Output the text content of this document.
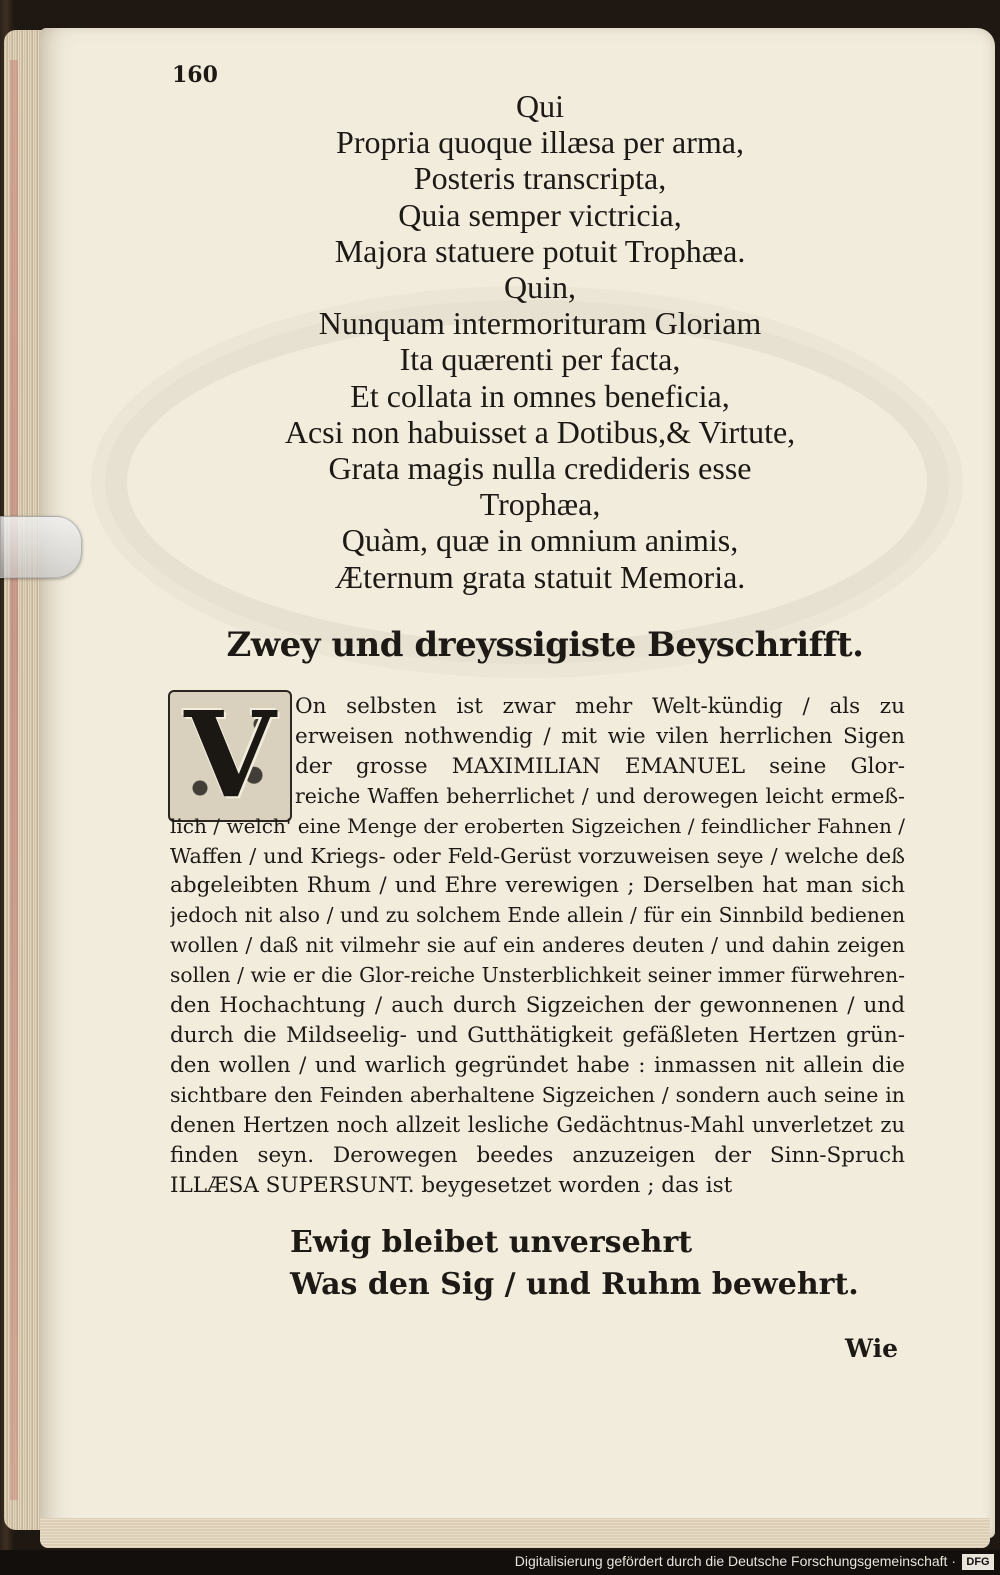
160
Qui
Propria quoque illæsa per arma,
Posteris transcripta,
Quia semper victricia,
Majora statuere potuit Trophæa.
Quin,
Nunquam intermorituram Gloriam
Ita quærenti per facta,
Et collata in omnes beneficia,
Acsi non habuisset a Dotibus,& Virtute,
Grata magis nulla credideris esse
Trophæa,
Quàm, quæ in omnium animis,
Æternum grata statuit Memoria.
Zwey und dreyssigiste Beyschrifft.
V On selbsten ist zwar mehr Welt-kündig / als zu
erweisen nothwendig / mit wie vilen herrlichen Sigen
der grosse MAXIMILIAN EMANUEL seine Glor-
reiche Waffen beherrlichet / und derowegen leicht ermeß-
lich / welch' eine Menge der eroberten Sigzeichen / feindlicher Fahnen /
Waffen / und Kriegs- oder Feld-Gerüst vorzuweisen seye / welche deß
abgeleibten Rhum / und Ehre verewigen ; Derselben hat man sich
jedoch nit also / und zu solchem Ende allein / für ein Sinnbild bedienen
wollen / daß nit vilmehr sie auf ein anderes deuten / und dahin zeigen
sollen / wie er die Glor-reiche Unsterblichkeit seiner immer fürwehren-
den Hochachtung / auch durch Sigzeichen der gewonnenen / und
durch die Mildseelig- und Gutthätigkeit gefäßleten Hertzen grün-
den wollen / und warlich gegründet habe : inmassen nit allein die
sichtbare den Feinden aberhaltene Sigzeichen / sondern auch seine in
denen Hertzen noch allzeit lesliche Gedächtnus-Mahl unverletzet zu
finden seyn. Derowegen beedes anzuzeigen der Sinn-Spruch
ILLÆSA SUPERSUNT. beygesetzet worden ; das ist
Ewig bleibet unversehrt
Was den Sig / und Ruhm bewehrt.
Wie
Digitalisierung gefördert durch die Deutsche Forschungsgemeinschaft · DFG
